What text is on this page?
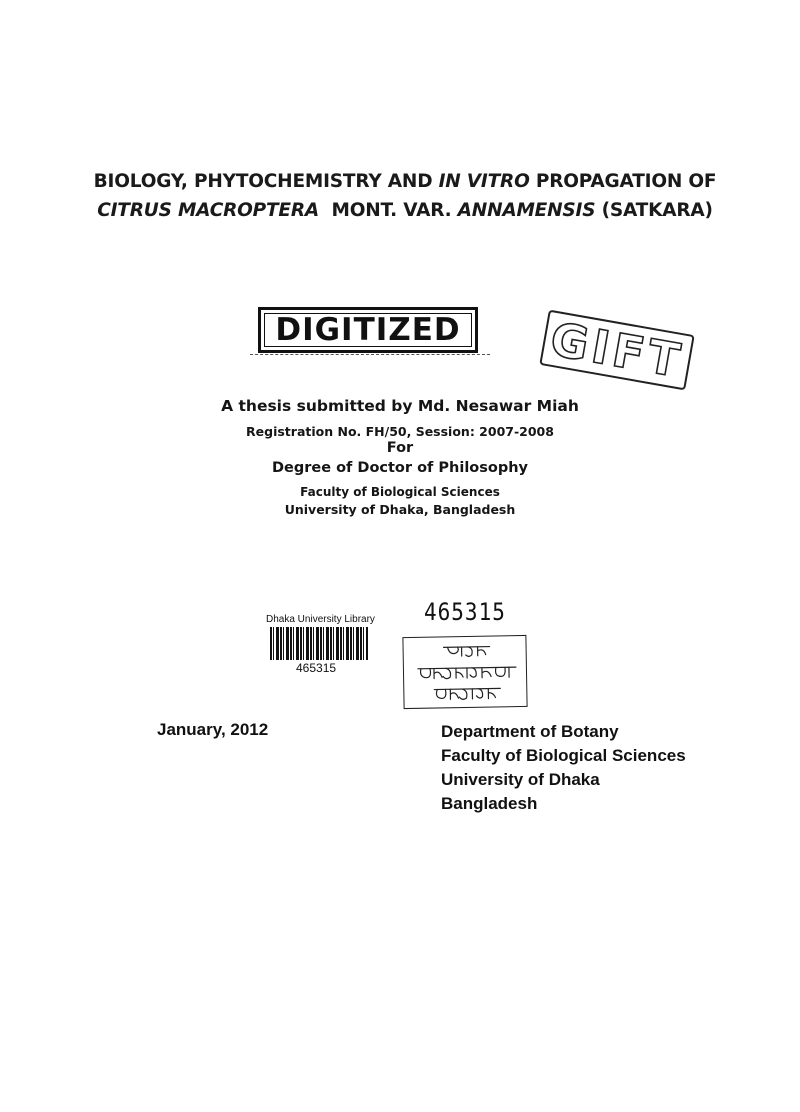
BIOLOGY, PHYTOCHEMISTRY AND IN VITRO PROPAGATION OF
CITRUS MACROPTERA  MONT. VAR. ANNAMENSIS (SATKARA)
DIGITIZED GIFT
A thesis submitted by Md. Nesawar Miah
Registration No. FH/50, Session: 2007-2008
For
Degree of Doctor of Philosophy
Faculty of Biological Sciences
University of Dhaka, Bangladesh
Dhaka University Library
465315
465315
January, 2012	Department of Botany
Faculty of Biological Sciences
University of Dhaka
Bangladesh
